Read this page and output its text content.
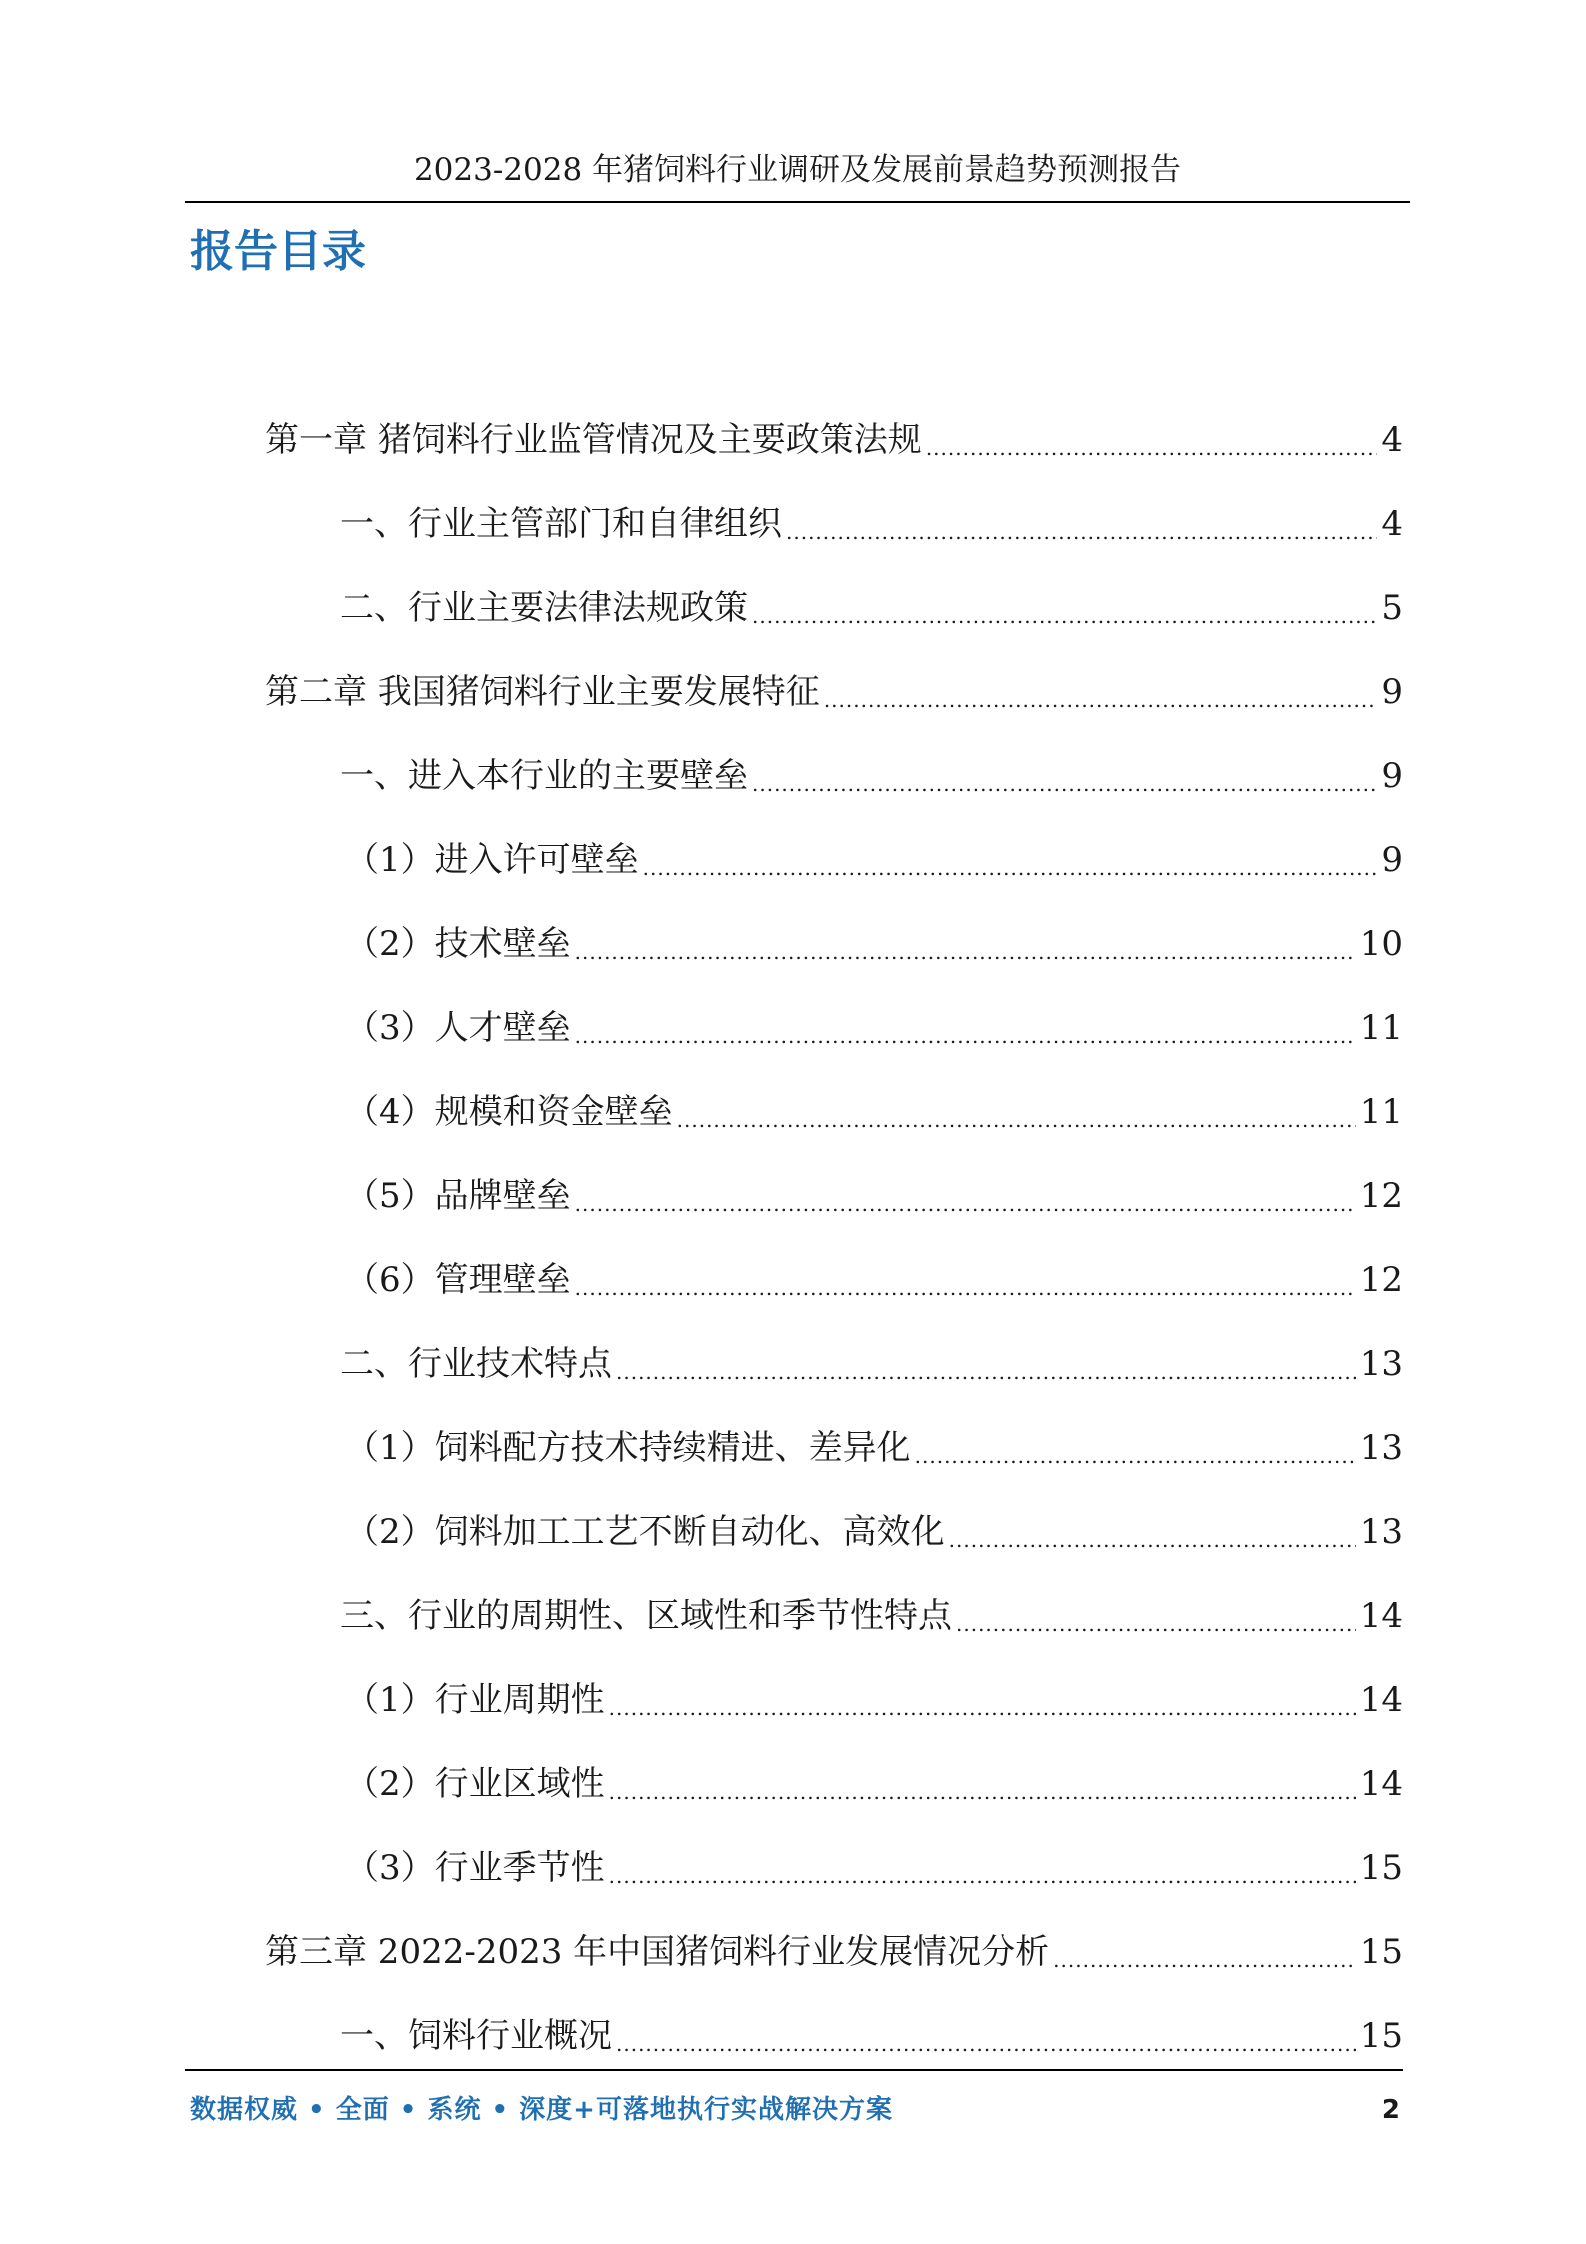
2023-2028 年猪饲料行业调研及发展前景趋势预测报告
报告目录
第一章 猪饲料行业监管情况及主要政策法规 .....	4
一、行业主管部门和自律组织 .....	4
二、行业主要法律法规政策 .....	5
第二章 我国猪饲料行业主要发展特征 .....	9
一、进入本行业的主要壁垒 .....	9
（1）进入许可壁垒 .....	9
（2）技术壁垒 .....	10
（3）人才壁垒 .....	11
（4）规模和资金壁垒 .....	11
（5）品牌壁垒 .....	12
（6）管理壁垒 .....	12
二、行业技术特点 .....	13
（1）饲料配方技术持续精进、差异化 .....	13
（2）饲料加工工艺不断自动化、高效化 .....	13
三、行业的周期性、区域性和季节性特点 .....	14
（1）行业周期性 .....	14
（2）行业区域性 .....	14
（3）行业季节性 .....	15
第三章 2022-2023 年中国猪饲料行业发展情况分析 .....	15
一、饲料行业概况 .....	15
数据权威 • 全面 • 系统 • 深度+可落地执行实战解决方案	2
